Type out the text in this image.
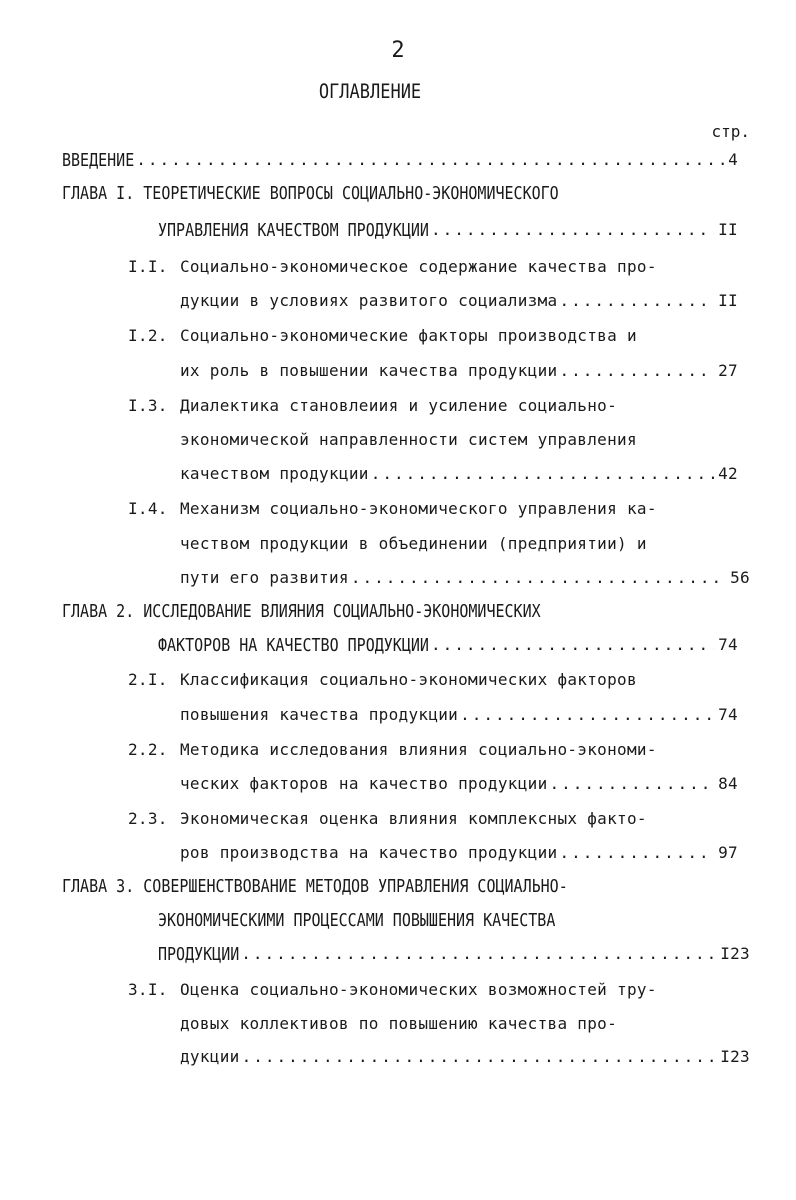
2
ОГЛАВЛЕНИЕ
стр.
ВВЕДЕНИЕ .....	4
ГЛАВА I. ТЕОРЕТИЧЕСКИЕ ВОПРОСЫ СОЦИАЛЬНО-ЭКОНОМИЧЕСКОГО
УПРАВЛЕНИЯ КАЧЕСТВОМ ПРОДУКЦИИ .....	II
I.I. Социально-экономическое содержание качества про-
дукции в условиях развитого социализма .....	II
I.2. Социально-экономические факторы производства и
их роль в повышении качества продукции .....	27
I.3. Диалектика становлеиия и усиление социально-
экономической направленности систем управления
качеством продукции .....	42
I.4. Механизм социально-экономического управления ка-
чеством продукции в объединении (предприятии) и
пути его развития .....	56
ГЛАВА 2. ИССЛЕДОВАНИЕ ВЛИЯНИЯ СОЦИАЛЬНО-ЭКОНОМИЧЕСКИХ
ФАКТОРОВ НА КАЧЕСТВО ПРОДУКЦИИ .....	74
2.I. Классификация социально-экономических факторов
повышения качества продукции .....	74
2.2. Методика исследования влияния социально-экономи-
ческих факторов на качество продукции .....	84
2.3. Экономическая оценка влияния комплексных факто-
ров производства на качество продукции .....	97
ГЛАВА 3. СОВЕРШЕНСТВОВАНИЕ МЕТОДОВ УПРАВЛЕНИЯ СОЦИАЛЬНО-
ЭКОНОМИЧЕСКИМИ ПРОЦЕССАМИ ПОВЫШЕНИЯ КАЧЕСТВА
ПРОДУКЦИИ .....	I23
3.I. Оценка социально-экономических возможностей тру-
довых коллективов по повышению качества про-
дукции .....	I23
